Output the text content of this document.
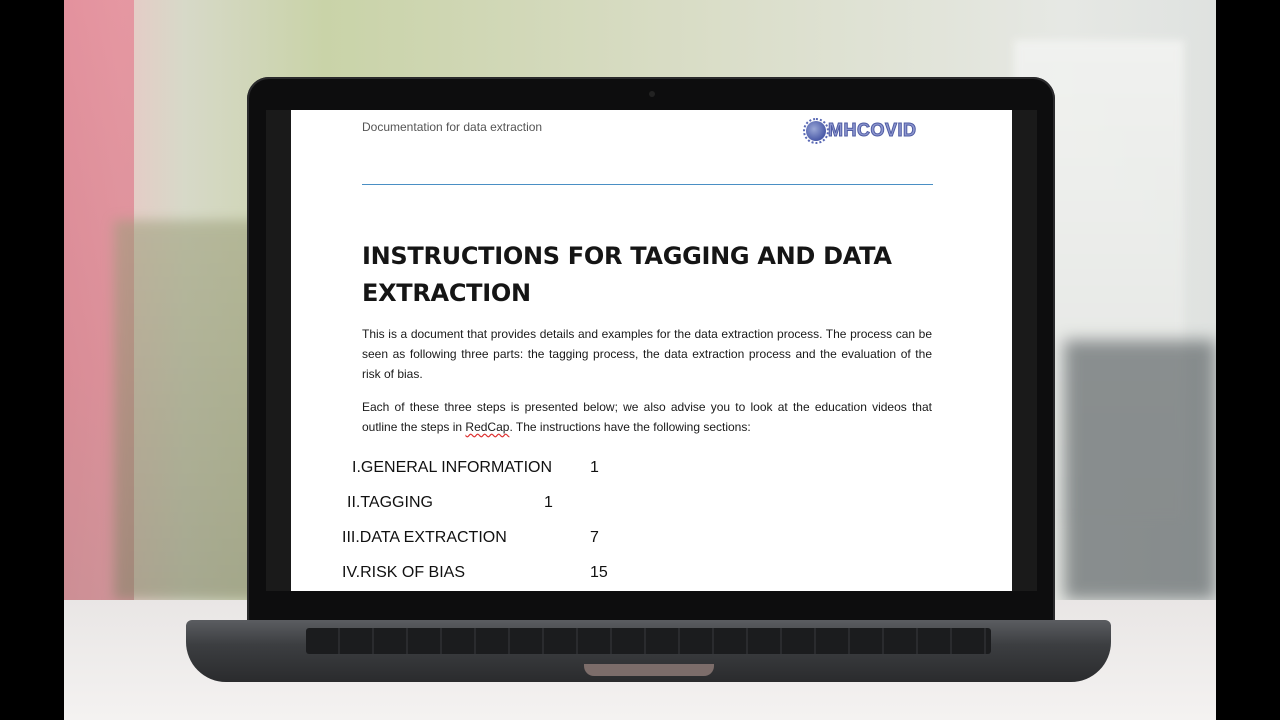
Documentation for data extraction	MHCOVID
INSTRUCTIONS FOR TAGGING AND DATA EXTRACTION
This is a document that provides details and examples for the data extraction process. The process can be seen as following three parts: the tagging process, the data extraction process and the evaluation of the risk of bias.
Each of these three steps is presented below; we also advise you to look at the education videos that outline the steps in RedCap. The instructions have the following sections:
I.GENERAL INFORMATION 1
II.TAGGING	1
III.DATA EXTRACTION	7
IV.RISK OF BIAS	15
